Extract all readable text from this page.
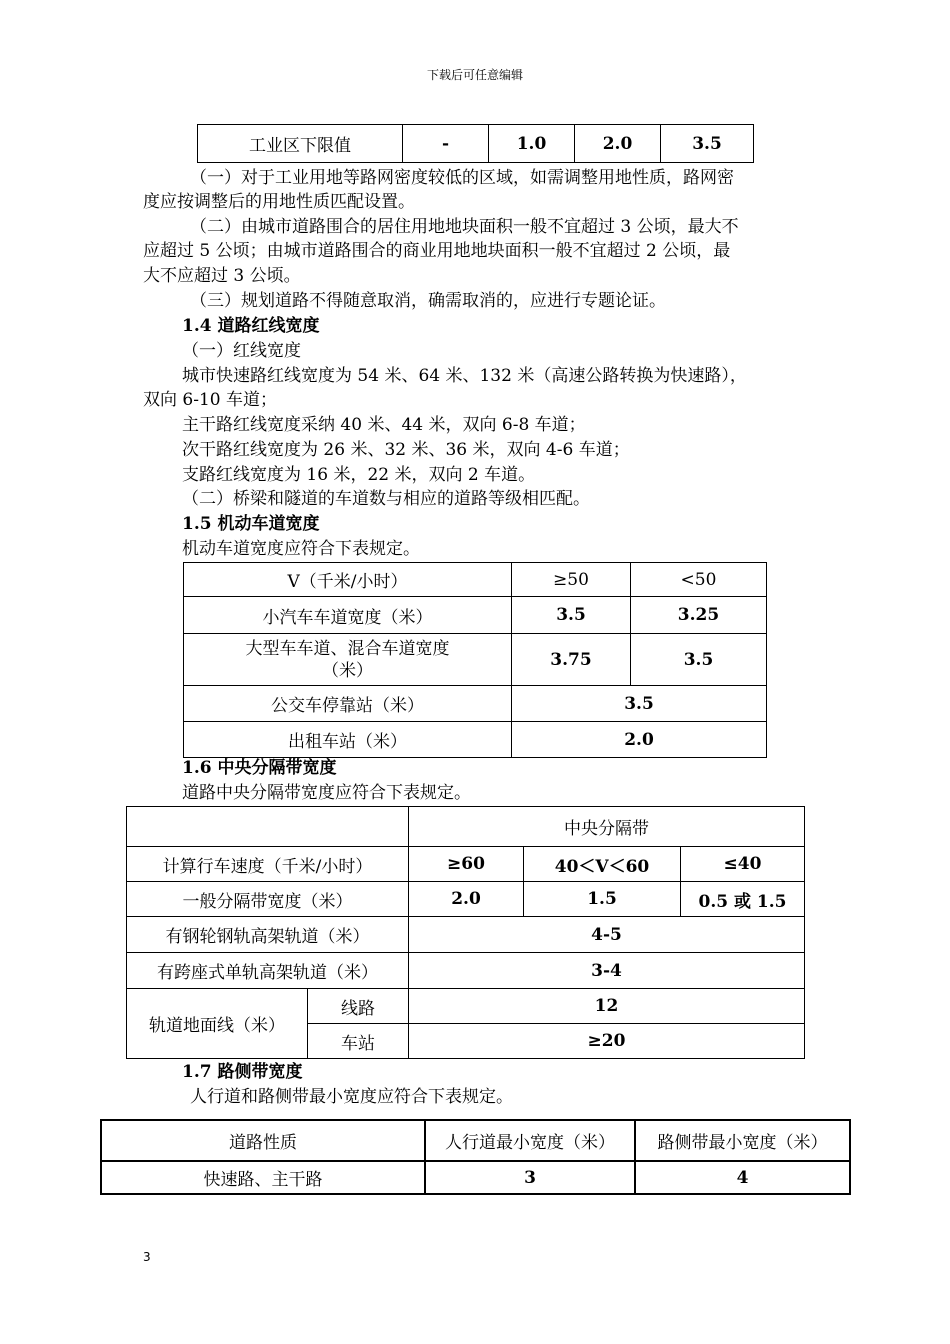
下载后可任意编辑
工业区下限值	-	1.0	2.0	3.5
（一）对于工业用地等路网密度较低的区域，如需调整用地性质，路网密
度应按调整后的用地性质匹配设置。
（二）由城市道路围合的居住用地地块面积一般不宜超过 3 公顷，最大不
应超过 5 公顷；由城市道路围合的商业用地地块面积一般不宜超过 2 公顷，最
大不应超过 3 公顷。
（三）规划道路不得随意取消，确需取消的，应进行专题论证。
1.4 道路红线宽度
（一）红线宽度
城市快速路红线宽度为 54 米、64 米、132 米（高速公路转换为快速路），
双向 6-10 车道；
主干路红线宽度采纳 40 米、44 米，双向 6-8 车道；
次干路红线宽度为 26 米、32 米、36 米，双向 4-6 车道；
支路红线宽度为 16 米，22 米，双向 2 车道。
（二）桥梁和隧道的车道数与相应的道路等级相匹配。
1.5 机动车道宽度
机动车道宽度应符合下表规定。
V（千米/小时）	≥50	<50
小汽车车道宽度（米）	3.5	3.25

大型车车道、混合车道宽度
（米）	3.75	3.5
公交车停靠站（米）	3.5	
出租车站（米）	2.0	
1.6 中央分隔带宽度
道路中央分隔带宽度应符合下表规定。
		中央分隔带		
计算行车速度（千米/小时）		≥60	40＜V＜60	≤40
一般分隔带宽度（米）		2.0	1.5	0.5 或 1.5
有钢轮钢轨高架轨道（米）		4-5		
有跨座式单轨高架轨道（米）		3-4		
轨道地面线（米）	线路	12		
	车站	≥20		
1.7 路侧带宽度
人行道和路侧带最小宽度应符合下表规定。
道路性质	人行道最小宽度（米）	路侧带最小宽度（米）
快速路、主干路	3	4
3
